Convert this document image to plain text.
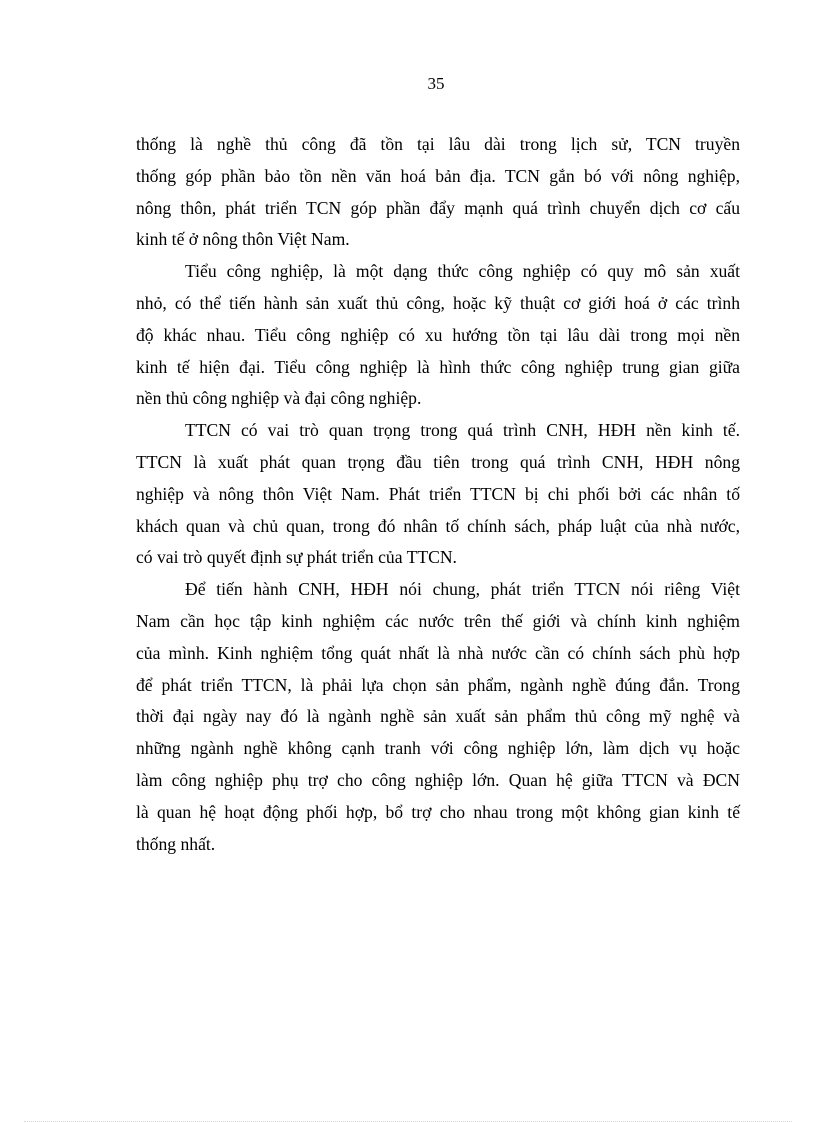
35

thống là nghề thủ công đã tồn tại lâu dài trong lịch sử, TCN truyền
thống góp phần bảo tồn nền văn hoá bản địa. TCN gắn bó với nông nghiệp,
nông thôn, phát triển TCN góp phần đẩy mạnh quá trình chuyển dịch cơ cấu
kinh tế ở nông thôn Việt Nam.

Tiểu công nghiệp, là một dạng thức công nghiệp có quy mô sản xuất
nhỏ, có thể tiến hành sản xuất thủ công, hoặc kỹ thuật cơ giới hoá ở các trình
độ khác nhau. Tiểu công nghiệp có xu hướng tồn tại lâu dài trong mọi nền
kinh tế hiện đại. Tiểu công nghiệp là hình thức công nghiệp trung gian giữa
nền thủ công nghiệp và đại công nghiệp.

TTCN có vai trò quan trọng trong quá trình CNH, HĐH nền kinh tế.
TTCN là xuất phát quan trọng đầu tiên trong quá trình CNH, HĐH nông
nghiệp và nông thôn Việt Nam. Phát triển TTCN bị chi phối bởi các nhân tố
khách quan và chủ quan, trong đó nhân tố chính sách, pháp luật của nhà nước,
có vai trò quyết định sự phát triển của TTCN.

Để tiến hành CNH, HĐH nói chung, phát triển TTCN nói riêng Việt
Nam cần học tập kinh nghiệm các nước trên thế giới và chính kinh nghiệm
của mình. Kinh nghiệm tổng quát nhất là nhà nước cần có chính sách phù hợp
để phát triển TTCN, là phải lựa chọn sản phẩm, ngành nghề đúng đắn. Trong
thời đại ngày nay đó là ngành nghề sản xuất sản phẩm thủ công mỹ nghệ và
những ngành nghề không cạnh tranh với công nghiệp lớn, làm dịch vụ hoặc
làm công nghiệp phụ trợ cho công nghiệp lớn. Quan hệ giữa TTCN và ĐCN
là quan hệ hoạt động phối hợp, bổ trợ cho nhau trong một không gian kinh tế
thống nhất.
